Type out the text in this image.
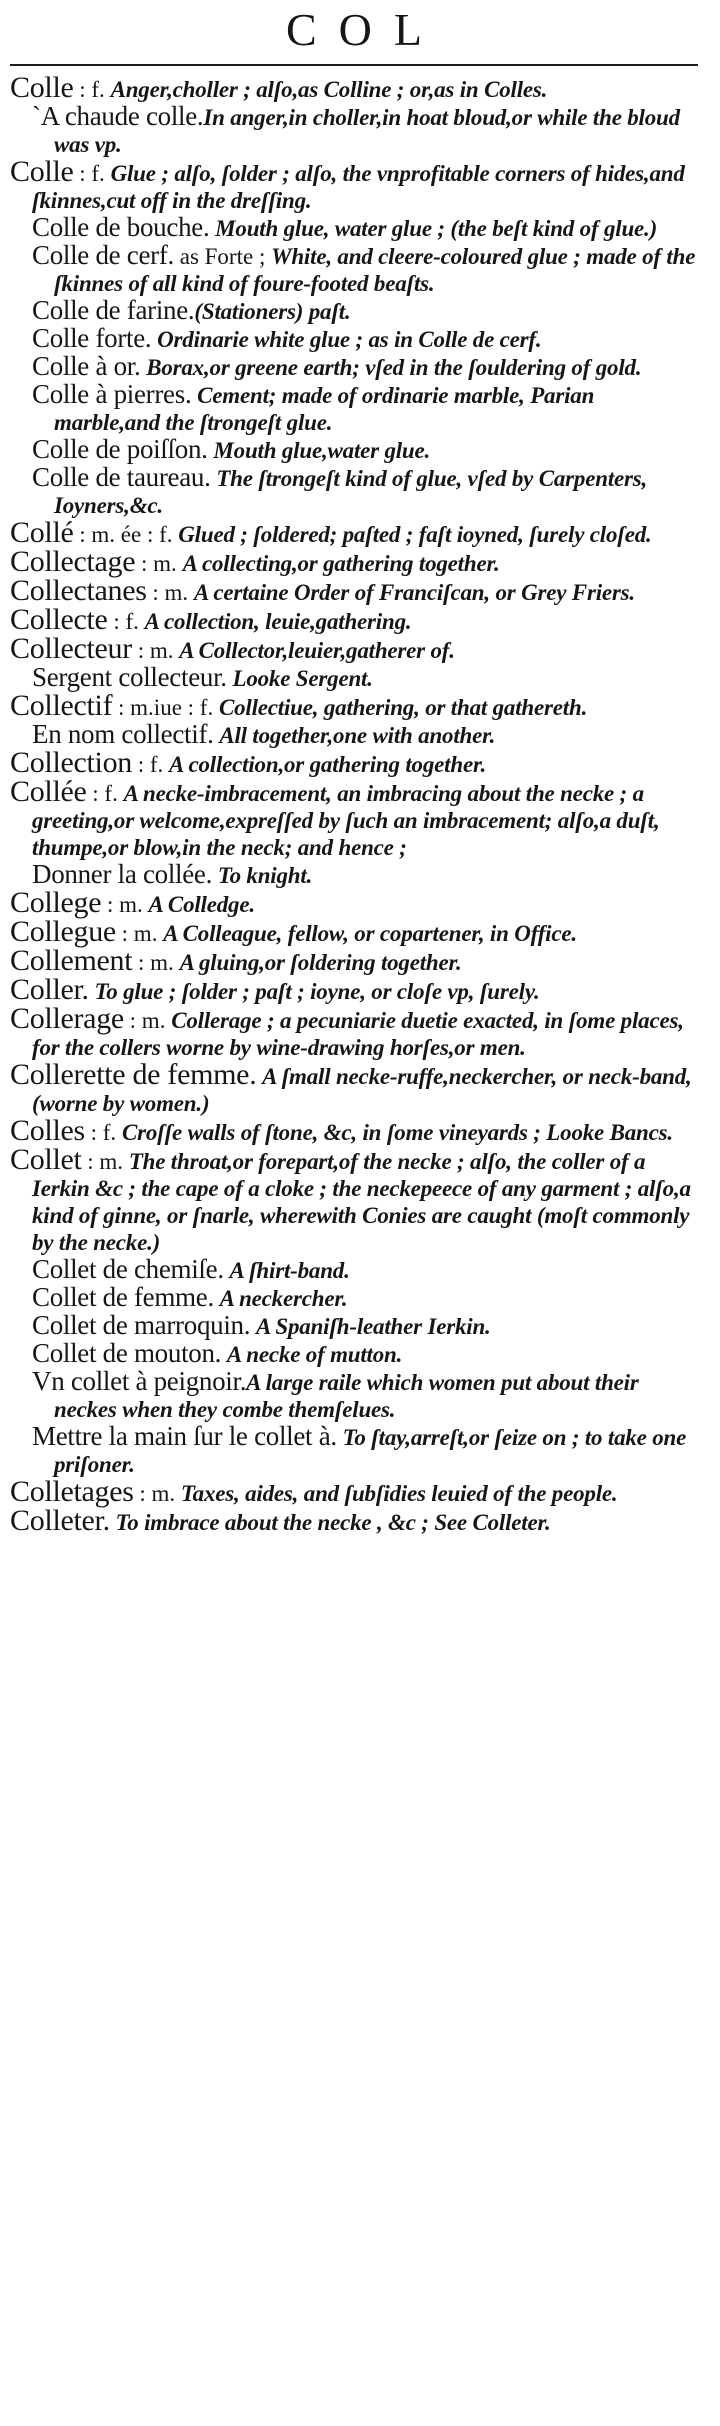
COL

Colle : f. Anger,choller ; alſo,as Colline ; or,as in Colles.

`A chaude colle.In anger,in choller,in hoat bloud,or while the bloud was vp.

Colle : f. Glue ; alſo, ſolder ; alſo, the vnprofitable corners of hides,and ſkinnes,cut off in the dreſſing.

Colle de bouche. Mouth glue, water glue ; (the beſt kind of glue.)

Colle de cerf. as Forte ; White, and cleere-coloured glue ; made of the ſkinnes of all kind of foure-footed beaſts.

Colle de farine.(Stationers) paſt.

Colle forte. Ordinarie white glue ; as in Colle de cerf.

Colle à or. Borax,or greene earth; vſed in the ſouldering of gold.

Colle à pierres. Cement; made of ordinarie marble, Parian marble,and the ſtrongeſt glue.

Colle de poiſſon. Mouth glue,water glue.

Colle de taureau. The ſtrongeſt kind of glue, vſed by Carpenters, Ioyners,&c.

Collé : m. ée : f. Glued ; ſoldered; paſted ; faſt ioyned, ſurely cloſed.

Collectage : m. A collecting,or gathering together.

Collectanes : m. A certaine Order of Franciſcan, or Grey Friers.

Collecte : f. A collection, leuie,gathering.

Collecteur : m. A Collector,leuier,gatherer of.

Sergent collecteur. Looke Sergent.

Collectif : m.iue : f. Collectiue, gathering, or that gathereth.

En nom collectif. All together,one with another.

Collection : f. A collection,or gathering together.

Collée : f. A necke-imbracement, an imbracing about the necke ; a greeting,or welcome,expreſſed by ſuch an imbracement; alſo,a duſt, thumpe,or blow,in the neck; and hence ;

Donner la collée. To knight.

College : m. A Colledge.

Collegue : m. A Colleague, fellow, or copartener, in Office.

Collement : m. A gluing,or ſoldering together.

Coller. To glue ; ſolder ; paſt ; ioyne, or cloſe vp, ſurely.

Collerage : m. Collerage ; a pecuniarie duetie exacted, in ſome places, for the collers worne by wine-drawing horſes,or men.

Collerette de femme. A ſmall necke-ruffe,neckercher, or neck-band,(worne by women.)

Colles : f. Croſſe walls of ſtone, &c, in ſome vineyards ; Looke Bancs.

Collet : m. The throat,or forepart,of the necke ; alſo, the coller of a Ierkin &c ; the cape of a cloke ; the neckepeece of any garment ; alſo,a kind of ginne, or ſnarle, wherewith Conies are caught (moſt commonly by the necke.)

Collet de chemiſe. A ſhirt-band.

Collet de femme. A neckercher.

Collet de marroquin. A Spaniſh-leather Ierkin.

Collet de mouton. A necke of mutton.

Vn collet à peignoir.A large raile which women put about their neckes when they combe themſelues.

Mettre la main ſur le collet à. To ſtay,arreſt,or ſeize on ; to take one priſoner.

Colletages : m. Taxes, aides, and ſubſidies leuied of the people.

Colleter. To imbrace about the necke , &c ; See Colleter.
